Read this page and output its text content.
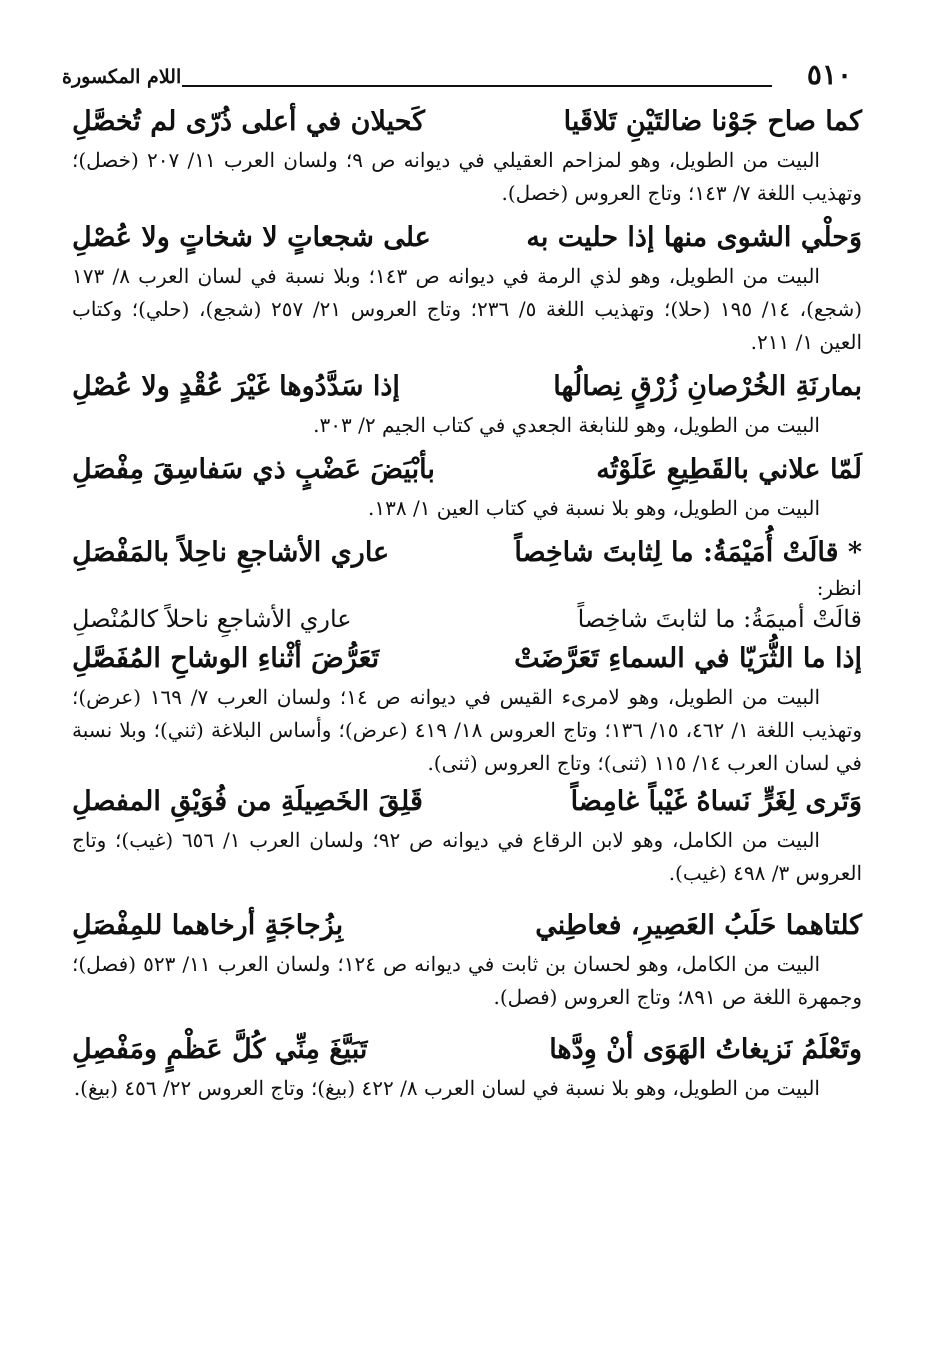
٥١٠
اللام المكسورة
كما صاح جَوْنا ضالتَيْنِ تَلاقَيا
كَحيلان في أعلى ذُرّى لم تُخصَّلِ

البيت من الطويل، وهو لمزاحم العقيلي في ديوانه ص ٩؛ ولسان العرب ١١/ ٢٠٧ (خصل)؛ وتهذيب اللغة ٧/ ١٤٣؛ وتاج العروس (خصل).

وَحلْي الشوى منها إذا حليت به
على شجعاتٍ لا شخاتٍ ولا عُصْلِ

البيت من الطويل، وهو لذي الرمة في ديوانه ص ١٤٣؛ وبلا نسبة في لسان العرب ٨/ ١٧٣ (شجع)، ١٤/ ١٩٥ (حلا)؛ وتهذيب اللغة ٥/ ٢٣٦؛ وتاج العروس ٢١/ ٢٥٧ (شجع)، (حلي)؛ وكتاب العين ١/ ٢١١.

بمارنَةِ الخُرْصانِ زُرْقٍ نِصالُها
إذا سَدَّدُوها غَيْرَ عُقْدٍ ولا عُصْلِ

البيت من الطويل، وهو للنابغة الجعدي في كتاب الجيم ٢/ ٣٠٣.

لَمّا علاني بالقَطِيعِ عَلَوْتُه
بأبْيَضَ عَضْبٍ ذي سَفاسِقَ مِفْصَلِ

البيت من الطويل، وهو بلا نسبة في كتاب العين ١/ ١٣٨.

* قالَتْ أُمَيْمَةُ: ما لِثابتَ شاخِصاً
عاري الأشاجعِ ناحِلاً بالمَفْصَلِ
انظر:
قالَتْ أميمَةُ: ما لثابتَ شاخِصاً
عاري الأشاجعِ ناحلاً كالمُنْصلِ
إذا ما الثُّرَيّا في السماءِ تَعَرَّضَتْ
تَعَرُّضَ أثْناءِ الوشاحِ المُفَصَّلِ

البيت من الطويل، وهو لامرىء القيس في ديوانه ص ١٤؛ ولسان العرب ٧/ ١٦٩ (عرض)؛ وتهذيب اللغة ١/ ٤٦٢، ١٥/ ١٣٦؛ وتاج العروس ١٨/ ٤١٩ (عرض)؛ وأساس البلاغة (ثني)؛ وبلا نسبة في لسان العرب ١٤/ ١١٥ (ثنى)؛ وتاج العروس (ثنى).

وَتَرى لِغَرٍّ نَساهُ غَيْباً غامِضاً
قَلِقَ الخَصِيلَةِ من فُوَيْقِ المفصلِ

البيت من الكامل، وهو لابن الرقاع في ديوانه ص ٩٢؛ ولسان العرب ١/ ٦٥٦ (غيب)؛ وتاج العروس ٣/ ٤٩٨ (غيب).

كلتاهما حَلَبُ العَصِيرِ، فعاطِني
بِزُجاجَةٍ أرخاهما للمِفْصَلِ

البيت من الكامل، وهو لحسان بن ثابت في ديوانه ص ١٢٤؛ ولسان العرب ١١/ ٥٢٣ (فصل)؛ وجمهرة اللغة ص ٨٩١؛ وتاج العروس (فصل).

وتَعْلَمُ نَزيغاتُ الهَوَى أنْ وِدَّها
تَبَيَّغَ مِنِّي كُلَّ عَظْمٍ ومَفْصِلِ

البيت من الطويل، وهو بلا نسبة في لسان العرب ٨/ ٤٢٢ (بيغ)؛ وتاج العروس ٢٢/ ٤٥٦ (بيغ).
